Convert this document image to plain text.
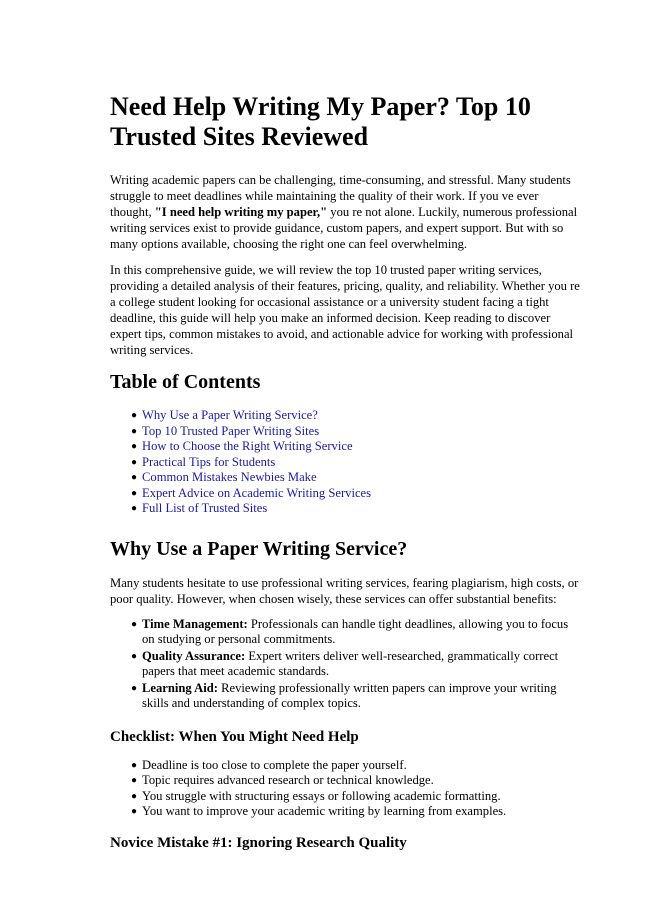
Need Help Writing My Paper? Top 10 Trusted Sites Reviewed

Writing academic papers can be challenging, time-consuming, and stressful. Many students struggle to meet deadlines while maintaining the quality of their work. If you ve ever thought, "I need help writing my paper," you re not alone. Luckily, numerous professional writing services exist to provide guidance, custom papers, and expert support. But with so many options available, choosing the right one can feel overwhelming.

In this comprehensive guide, we will review the top 10 trusted paper writing services, providing a detailed analysis of their features, pricing, quality, and reliability. Whether you re a college student looking for occasional assistance or a university student facing a tight deadline, this guide will help you make an informed decision. Keep reading to discover expert tips, common mistakes to avoid, and actionable advice for working with professional writing services.

Table of Contents
● Why Use a Paper Writing Service?
● Top 10 Trusted Paper Writing Sites
● How to Choose the Right Writing Service
● Practical Tips for Students
● Common Mistakes Newbies Make
● Expert Advice on Academic Writing Services
● Full List of Trusted Sites
Why Use a Paper Writing Service?

Many students hesitate to use professional writing services, fearing plagiarism, high costs, or poor quality. However, when chosen wisely, these services can offer substantial benefits:

● Time Management: Professionals can handle tight deadlines, allowing you to focus on studying or personal commitments.
● Quality Assurance: Expert writers deliver well-researched, grammatically correct papers that meet academic standards.
● Learning Aid: Reviewing professionally written papers can improve your writing skills and understanding of complex topics.
Checklist: When You Might Need Help
● Deadline is too close to complete the paper yourself.
● Topic requires advanced research or technical knowledge.
● You struggle with structuring essays or following academic formatting.
● You want to improve your academic writing by learning from examples.
Novice Mistake #1: Ignoring Research Quality
